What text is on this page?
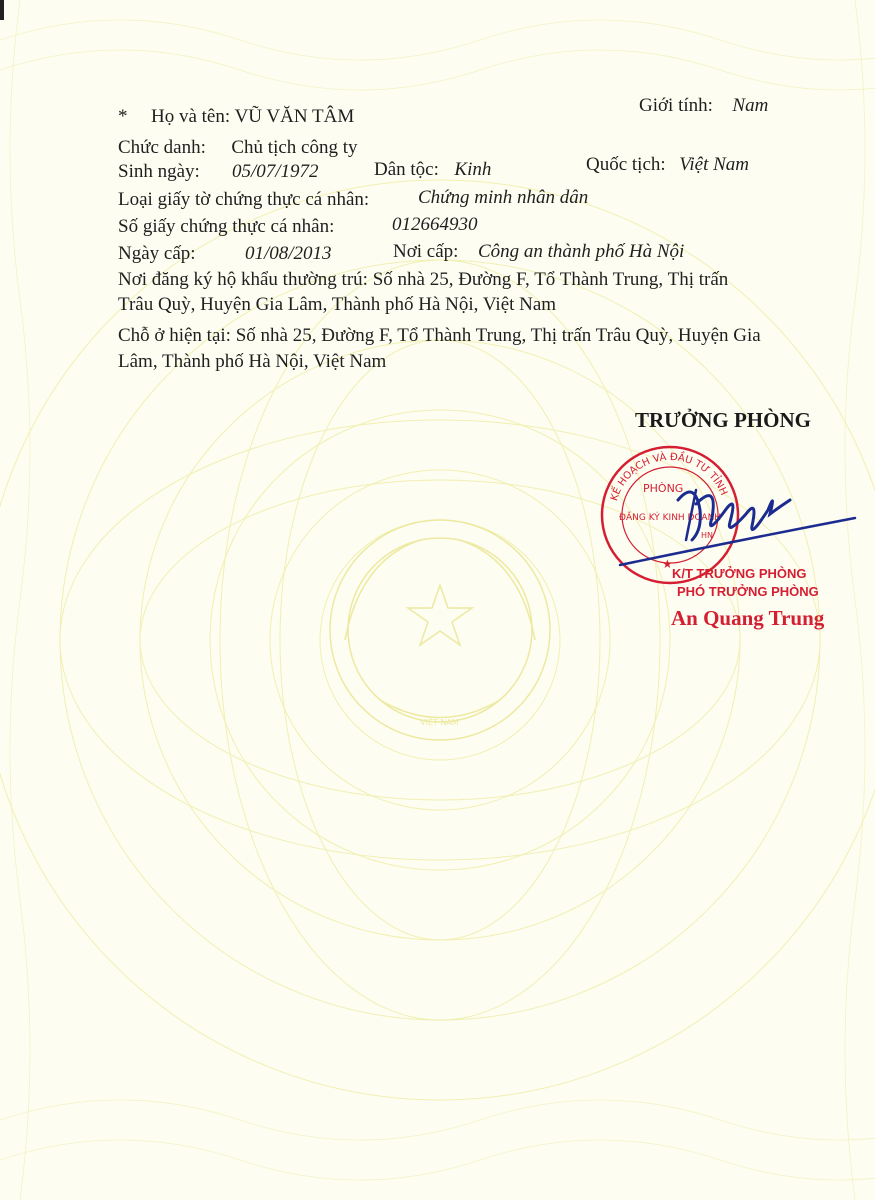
VIỆT NAM
* Họ và tên: VŨ VĂN TÂM
Giới tính: Nam
Chức danh: Chủ tịch công ty
Sinh ngày: 05/07/1972	Dân tộc: Kinh	Quốc tịch: Việt Nam
Loại giấy tờ chứng thực cá nhân:	Chứng minh nhân dân
Số giấy chứng thực cá nhân:	012664930
Ngày cấp:	01/08/2013	Nơi cấp: Công an thành phố Hà Nội
Nơi đăng ký hộ khẩu thường trú: Số nhà 25, Đường F, Tổ Thành Trung, Thị trấn
Trâu Quỳ, Huyện Gia Lâm, Thành phố Hà Nội, Việt Nam
Chỗ ở hiện tại: Số nhà 25, Đường F, Tổ Thành Trung, Thị trấn Trâu Quỳ, Huyện Gia
Lâm, Thành phố Hà Nội, Việt Nam
TRƯỞNG PHÒNG
KẾ HOẠCH VÀ ĐẦU TƯ TỈNH
PHÒNG
ĐĂNG KÝ KINH DOANH
HN
★
K/T TRƯỞNG PHÒNG
PHÓ TRƯỞNG PHÒNG
An Quang Trung
